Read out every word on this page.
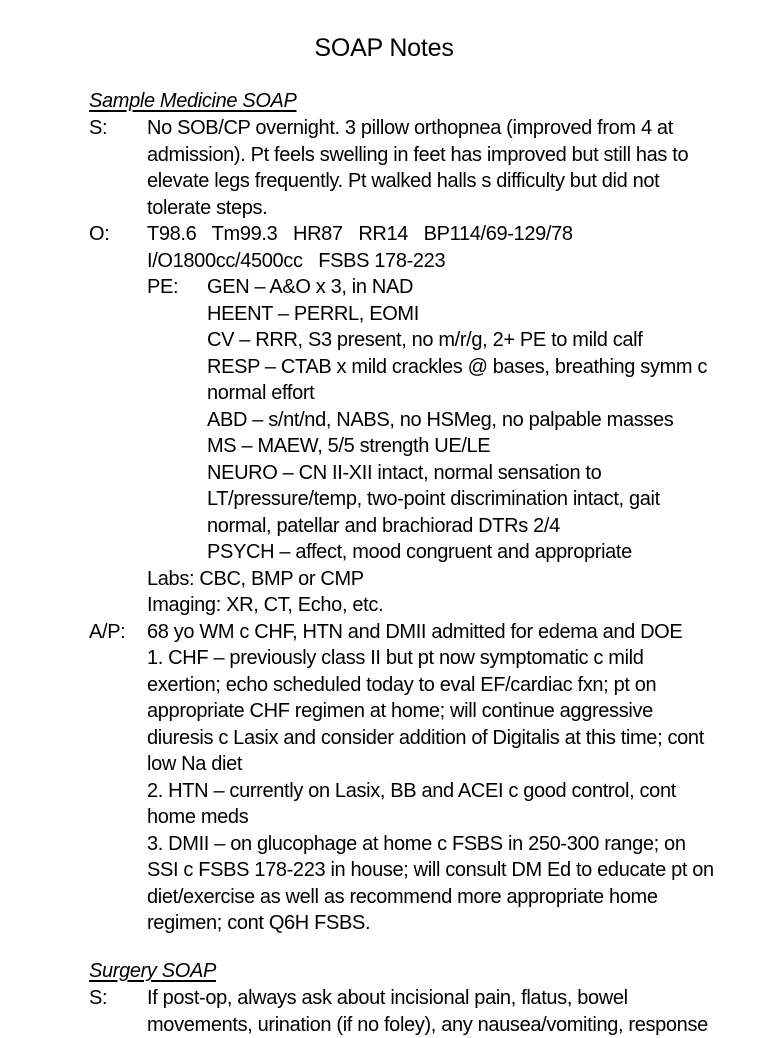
SOAP Notes
Sample Medicine SOAP
S: No SOB/CP overnight. 3 pillow orthopnea (improved from 4 at
admission). Pt feels swelling in feet has improved but still has to
elevate legs frequently. Pt walked halls s difficulty but did not
tolerate steps.
O: T98.6   Tm99.3   HR87   RR14   BP114/69-129/78
I/O1800cc/4500cc   FSBS 178-223
PE: GEN – A&O x 3, in NAD
HEENT – PERRL, EOMI
CV – RRR, S3 present, no m/r/g, 2+ PE to mild calf
RESP – CTAB x mild crackles @ bases, breathing symm c
normal effort
ABD – s/nt/nd, NABS, no HSMeg, no palpable masses
MS – MAEW, 5/5 strength UE/LE
NEURO – CN II-XII intact, normal sensation to
LT/pressure/temp, two-point discrimination intact, gait
normal, patellar and brachiorad DTRs 2/4
PSYCH – affect, mood congruent and appropriate
Labs: CBC, BMP or CMP
Imaging: XR, CT, Echo, etc.
A/P: 68 yo WM c CHF, HTN and DMII admitted for edema and DOE
1. CHF – previously class II but pt now symptomatic c mild
exertion; echo scheduled today to eval EF/cardiac fxn; pt on
appropriate CHF regimen at home; will continue aggressive
diuresis c Lasix and consider addition of Digitalis at this time; cont
low Na diet
2. HTN – currently on Lasix, BB and ACEI c good control, cont
home meds
3. DMII – on glucophage at home c FSBS in 250-300 range; on
SSI c FSBS 178-223 in house; will consult DM Ed to educate pt on
diet/exercise as well as recommend more appropriate home
regimen; cont Q6H FSBS.
Surgery SOAP
S: If post-op, always ask about incisional pain, flatus, bowel
movements, urination (if no foley), any nausea/vomiting, response
